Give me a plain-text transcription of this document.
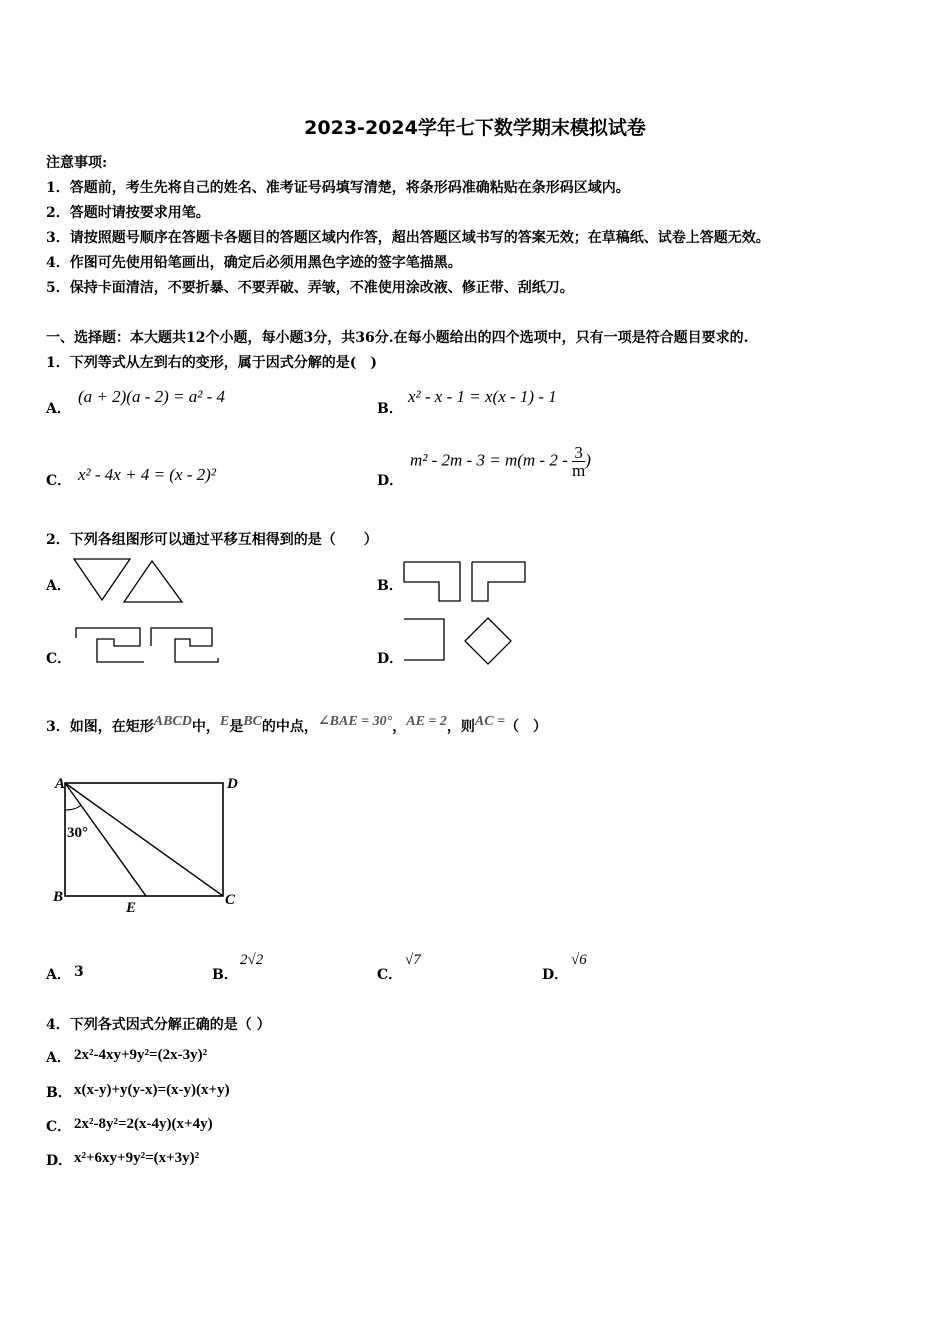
2023-2024学年七下数学期末模拟试卷
注意事项:
1．答题前，考生先将自己的姓名、准考证号码填写清楚，将条形码准确粘贴在条形码区域内。
2．答题时请按要求用笔。
3．请按照题号顺序在答题卡各题目的答题区域内作答，超出答题区域书写的答案无效；在草稿纸、试卷上答题无效。
4．作图可先使用铅笔画出，确定后必须用黑色字迹的签字笔描黑。
5．保持卡面清洁，不要折暴、不要弄破、弄皱，不准使用涂改液、修正带、刮纸刀。
一、选择题：本大题共12个小题，每小题3分，共36分.在每小题给出的四个选项中，只有一项是符合题目要求的.
1．下列等式从左到右的变形，属于因式分解的是(　)
A．
(a + 2)(a - 2) = a² - 4
B．
x² - x - 1 = x(x - 1) - 1
C． x² - 4x + 4 = (x - 2)²	D．
$m^2 - 2m - 3 = m(m - 2 - \frac{3}{m}$ )
2．下列各组图形可以通过平移互相得到的是（　　）
A．	B．
C．	D．
3．如图，在矩形ABCD中，E是BC的中点，∠BAE = 30°，AE = 2，则AC =（　）
A	D
B	C
E
30°
A． 3	B．
2√2
C．
√7
D．
√6
4．下列各式因式分解正确的是（ ）
A． 2x²-4xy+9y²=(2x-3y)²
B． x(x-y)+y(y-x)=(x-y)(x+y)
C． 2x²-8y²=2(x-4y)(x+4y)
D． x²+6xy+9y²=(x+3y)²
